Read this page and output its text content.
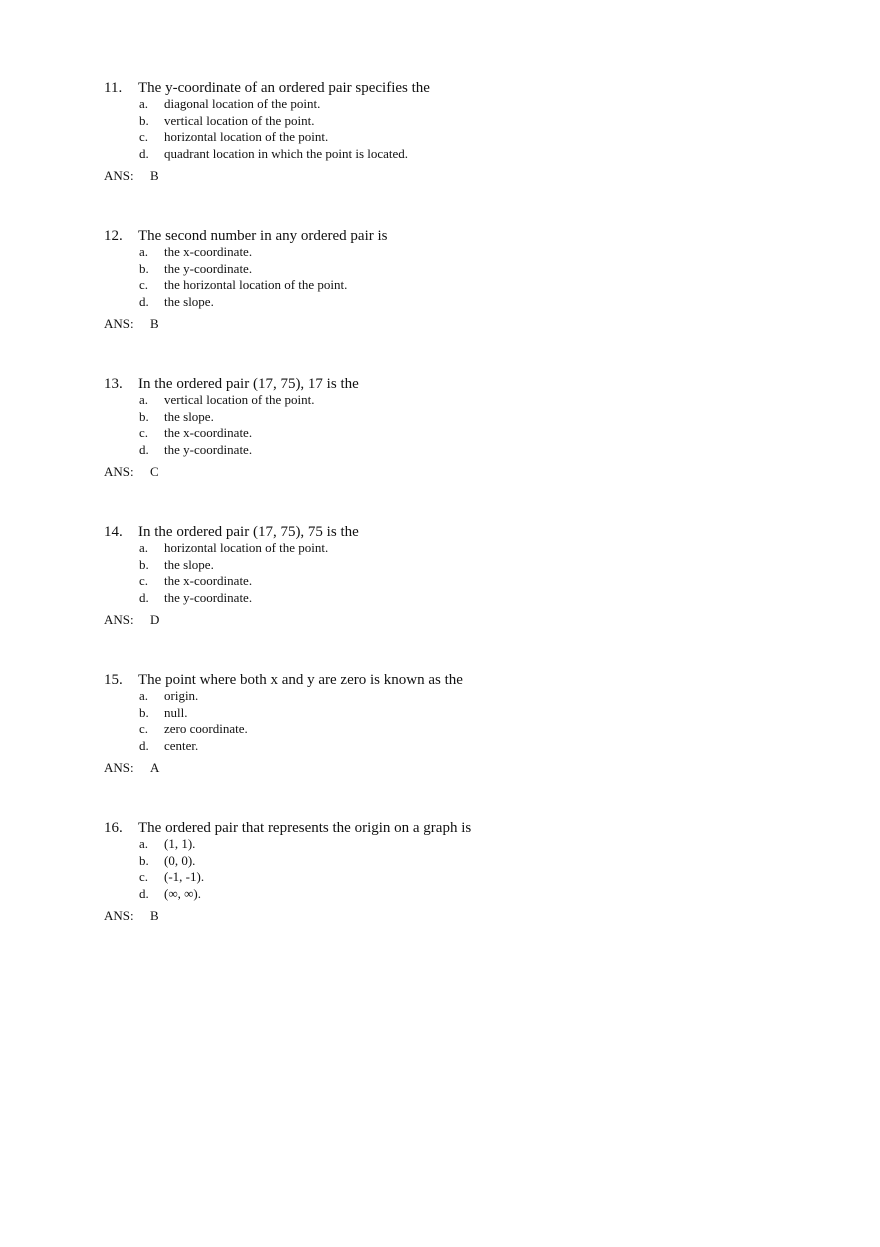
11. The y-coordinate of an ordered pair specifies the
a. diagonal location of the point.
b. vertical location of the point.
c. horizontal location of the point.
d. quadrant location in which the point is located.
ANS: B
12. The second number in any ordered pair is
a. the x-coordinate.
b. the y-coordinate.
c. the horizontal location of the point.
d. the slope.
ANS: B
13. In the ordered pair (17, 75), 17 is the
a. vertical location of the point.
b. the slope.
c. the x-coordinate.
d. the y-coordinate.
ANS: C
14. In the ordered pair (17, 75), 75 is the
a. horizontal location of the point.
b. the slope.
c. the x-coordinate.
d. the y-coordinate.
ANS: D
15. The point where both x and y are zero is known as the
a. origin.
b. null.
c. zero coordinate.
d. center.
ANS: A
16. The ordered pair that represents the origin on a graph is
a. (1, 1).
b. (0, 0).
c. (-1, -1).
d. (∞, ∞).
ANS: B
